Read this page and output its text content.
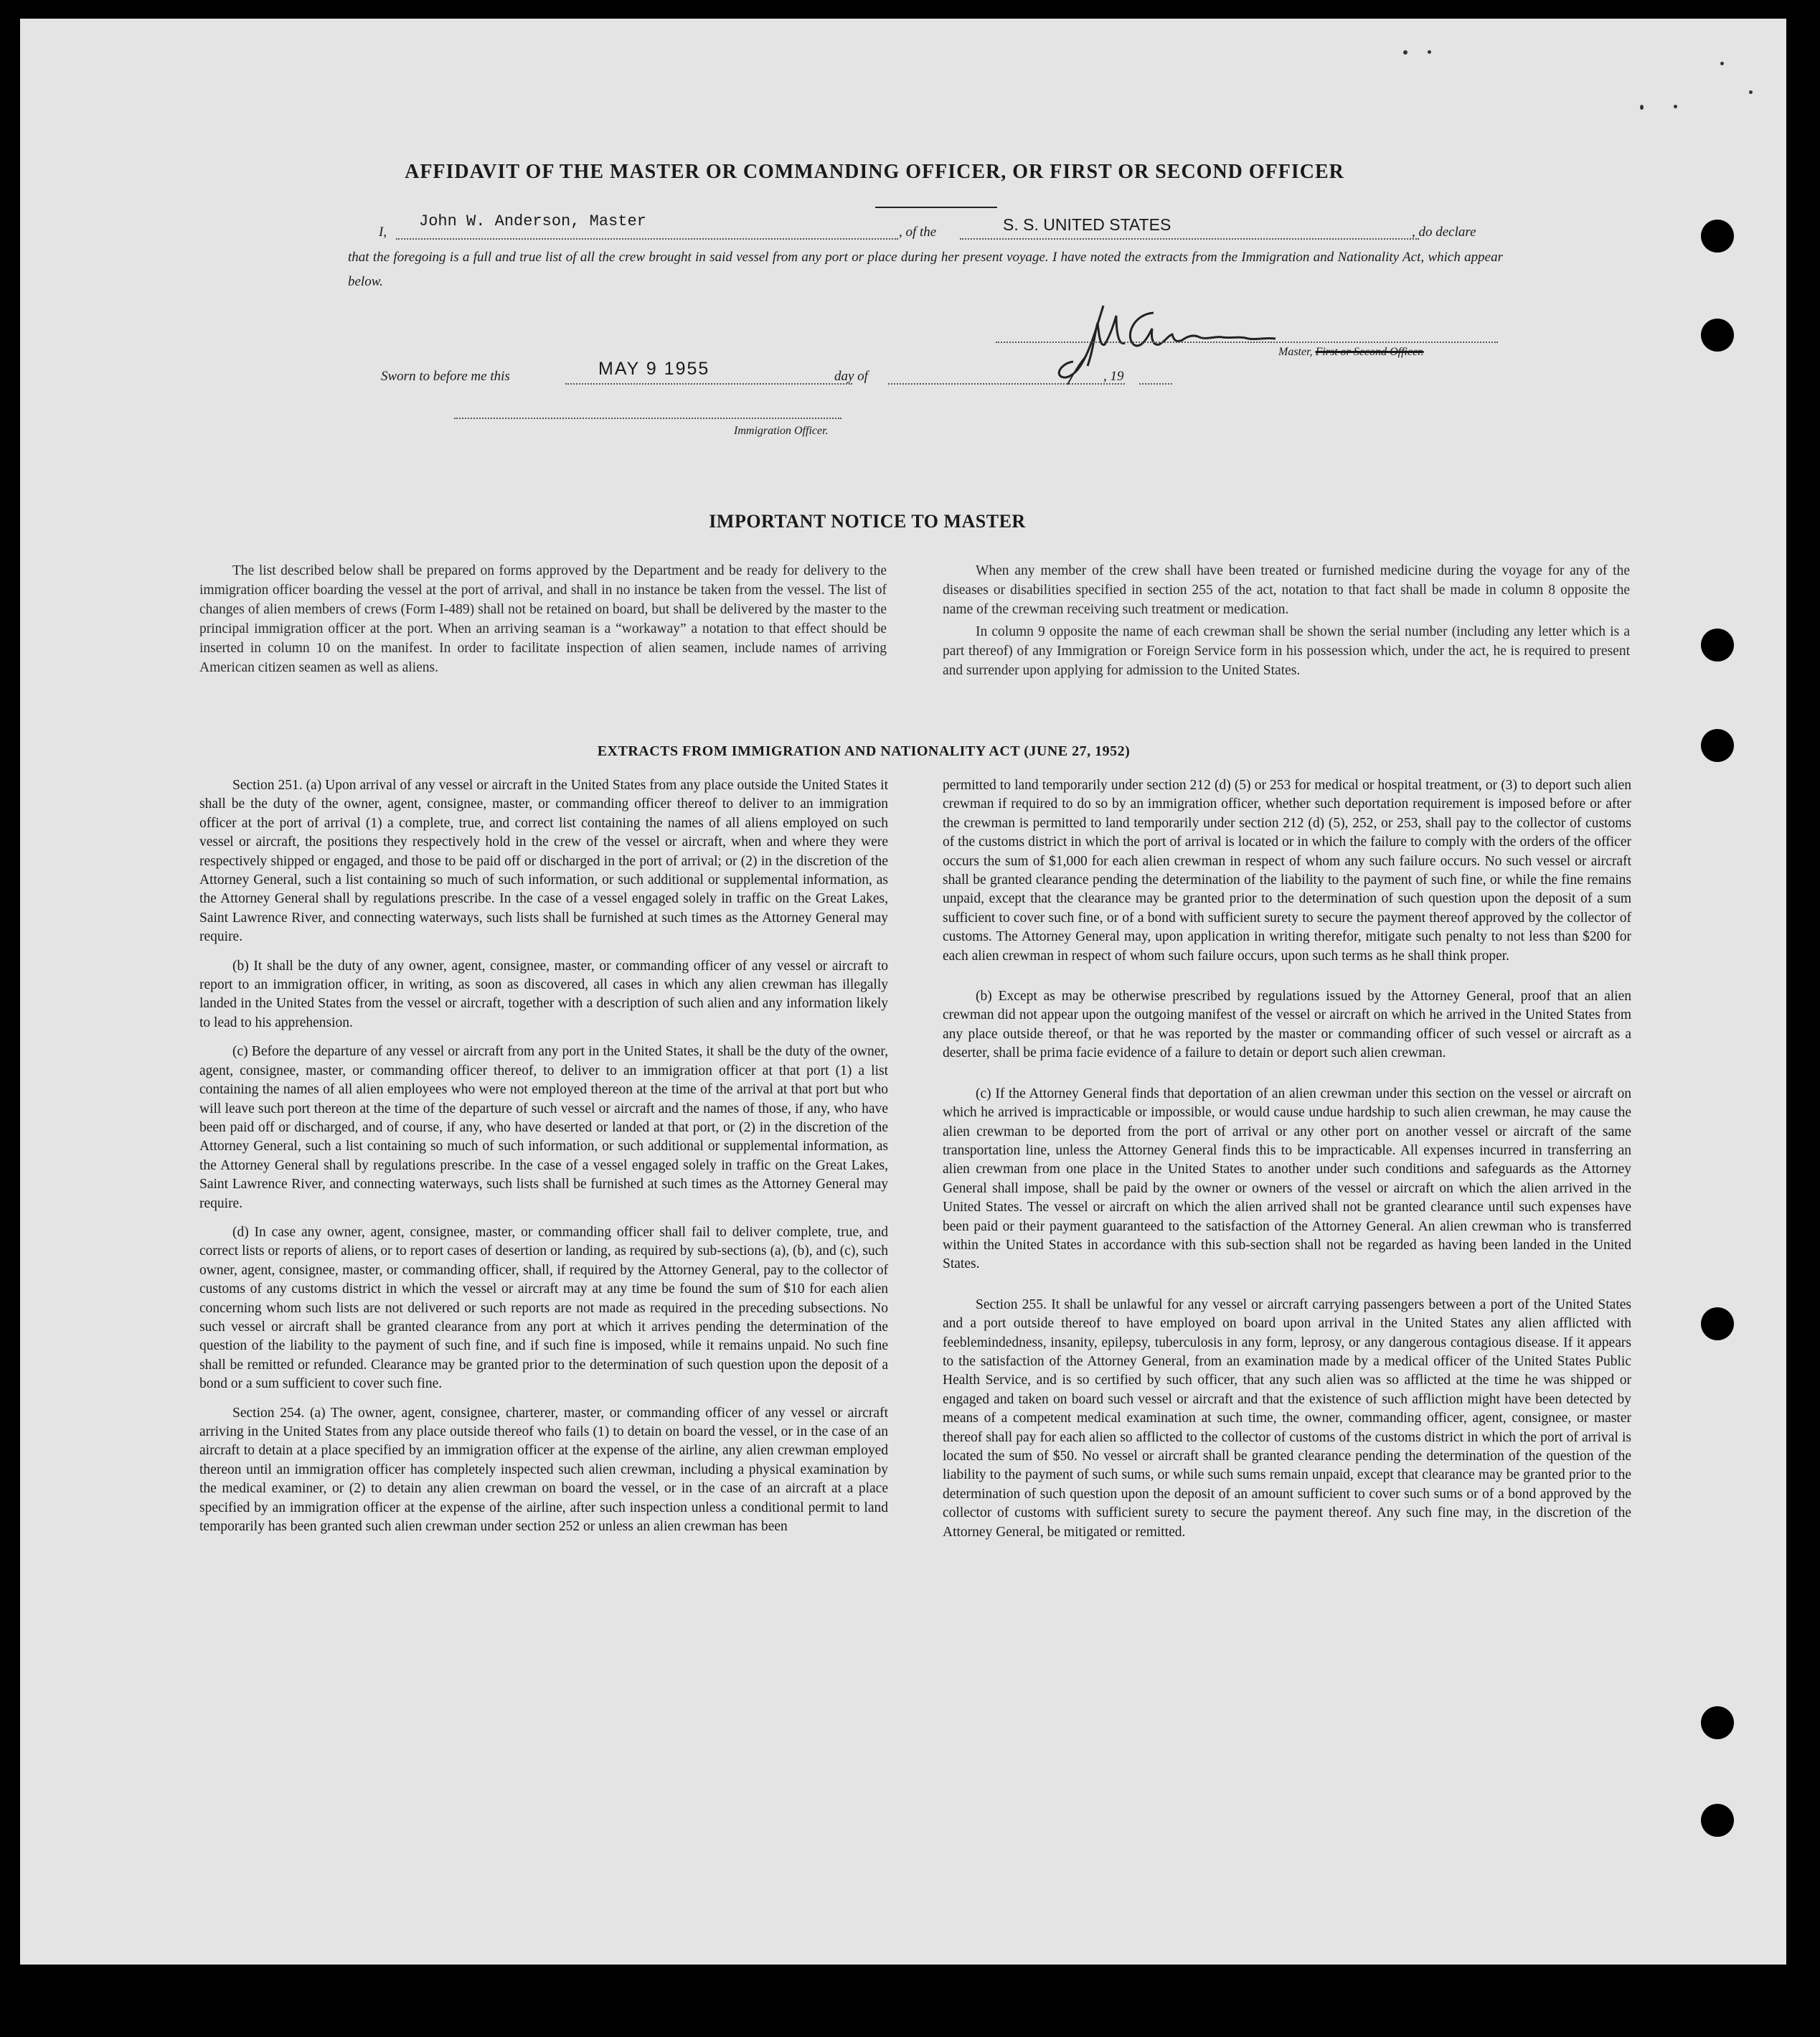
AFFIDAVIT OF THE MASTER OR COMMANDING OFFICER, OR FIRST OR SECOND OFFICER
I,
John W. Anderson, Master
, of the	S. S. UNITED STATES	, do declare
that the foregoing is a full and true list of all the crew brought in said vessel from any port or place during her present voyage. I have noted the extracts from the Immigration and Nationality Act, which appear below.
Master, First or Second Officer.
Sworn to before me this	MAY 9 1955	day of	, 19
Immigration Officer.
IMPORTANT NOTICE TO MASTER

The list described below shall be prepared on forms approved by the Department and be ready for delivery to the immigration officer boarding the vessel at the port of arrival, and shall in no instance be taken from the vessel. The list of changes of alien members of crews (Form I-489) shall not be retained on board, but shall be delivered by the master to the principal immigration officer at the port. When an arriving seaman is a “workaway” a notation to that effect should be inserted in column 10 on the manifest. In order to facilitate inspection of alien seamen, include names of arriving American citizen seamen as well as aliens.

When any member of the crew shall have been treated or furnished medicine during the voyage for any of the diseases or disabilities specified in section 255 of the act, notation to that fact shall be made in column 8 opposite the name of the crewman receiving such treatment or medication.

In column 9 opposite the name of each crewman shall be shown the serial number (including any letter which is a part thereof) of any Immigration or Foreign Service form in his possession which, under the act, he is required to present and surrender upon applying for admission to the United States.

EXTRACTS FROM IMMIGRATION AND NATIONALITY ACT (JUNE 27, 1952)

Section 251. (a) Upon arrival of any vessel or aircraft in the United States from any place outside the United States it shall be the duty of the owner, agent, consignee, master, or commanding officer thereof to deliver to an immigration officer at the port of arrival (1) a complete, true, and correct list containing the names of all aliens employed on such vessel or aircraft, the positions they respectively hold in the crew of the vessel or aircraft, when and where they were respectively shipped or engaged, and those to be paid off or discharged in the port of arrival; or (2) in the discretion of the Attorney General, such a list containing so much of such information, or such additional or supplemental information, as the Attorney General shall by regulations prescribe. In the case of a vessel engaged solely in traffic on the Great Lakes, Saint Lawrence River, and connecting waterways, such lists shall be furnished at such times as the Attorney General may require.

(b) It shall be the duty of any owner, agent, consignee, master, or commanding officer of any vessel or aircraft to report to an immigration officer, in writing, as soon as discovered, all cases in which any alien crewman has illegally landed in the United States from the vessel or aircraft, together with a description of such alien and any information likely to lead to his apprehension.

(c) Before the departure of any vessel or aircraft from any port in the United States, it shall be the duty of the owner, agent, consignee, master, or commanding officer thereof, to deliver to an immigration officer at that port (1) a list containing the names of all alien employees who were not employed thereon at the time of the arrival at that port but who will leave such port thereon at the time of the departure of such vessel or aircraft and the names of those, if any, who have been paid off or discharged, and of course, if any, who have deserted or landed at that port, or (2) in the discretion of the Attorney General, such a list containing so much of such information, or such additional or supplemental information, as the Attorney General shall by regulations prescribe. In the case of a vessel engaged solely in traffic on the Great Lakes, Saint Lawrence River, and connecting waterways, such lists shall be furnished at such times as the Attorney General may require.

(d) In case any owner, agent, consignee, master, or commanding officer shall fail to deliver complete, true, and correct lists or reports of aliens, or to report cases of desertion or landing, as required by sub-sections (a), (b), and (c), such owner, agent, consignee, master, or commanding officer, shall, if required by the Attorney General, pay to the collector of customs of any customs district in which the vessel or aircraft may at any time be found the sum of $10 for each alien concerning whom such lists are not delivered or such reports are not made as required in the preceding subsections. No such vessel or aircraft shall be granted clearance from any port at which it arrives pending the determination of the question of the liability to the payment of such fine, and if such fine is imposed, while it remains unpaid. No such fine shall be remitted or refunded. Clearance may be granted prior to the determination of such question upon the deposit of a bond or a sum sufficient to cover such fine.

Section 254. (a) The owner, agent, consignee, charterer, master, or commanding officer of any vessel or aircraft arriving in the United States from any place outside thereof who fails (1) to detain on board the vessel, or in the case of an aircraft to detain at a place specified by an immigration officer at the expense of the airline, any alien crewman employed thereon until an immigration officer has completely inspected such alien crewman, including a physical examination by the medical examiner, or (2) to detain any alien crewman on board the vessel, or in the case of an aircraft at a place specified by an immigration officer at the expense of the airline, after such inspection unless a conditional permit to land temporarily has been granted such alien crewman under section 252 or unless an alien crewman has been

permitted to land temporarily under section 212 (d) (5) or 253 for medical or hospital treatment, or (3) to deport such alien crewman if required to do so by an immigration officer, whether such deportation requirement is imposed before or after the crewman is permitted to land temporarily under section 212 (d) (5), 252, or 253, shall pay to the collector of customs of the customs district in which the port of arrival is located or in which the failure to comply with the orders of the officer occurs the sum of $1,000 for each alien crewman in respect of whom any such failure occurs. No such vessel or aircraft shall be granted clearance pending the determination of the liability to the payment of such fine, or while the fine remains unpaid, except that the clearance may be granted prior to the determination of such question upon the deposit of a sum sufficient to cover such fine, or of a bond with sufficient surety to secure the payment thereof approved by the collector of customs. The Attorney General may, upon application in writing therefor, mitigate such penalty to not less than $200 for each alien crewman in respect of whom such failure occurs, upon such terms as he shall think proper.

(b) Except as may be otherwise prescribed by regulations issued by the Attorney General, proof that an alien crewman did not appear upon the outgoing manifest of the vessel or aircraft on which he arrived in the United States from any place outside thereof, or that he was reported by the master or commanding officer of such vessel or aircraft as a deserter, shall be prima facie evidence of a failure to detain or deport such alien crewman.

(c) If the Attorney General finds that deportation of an alien crewman under this section on the vessel or aircraft on which he arrived is impracticable or impossible, or would cause undue hardship to such alien crewman, he may cause the alien crewman to be deported from the port of arrival or any other port on another vessel or aircraft of the same transportation line, unless the Attorney General finds this to be impracticable. All expenses incurred in transferring an alien crewman from one place in the United States to another under such conditions and safeguards as the Attorney General shall impose, shall be paid by the owner or owners of the vessel or aircraft on which the alien arrived in the United States. The vessel or aircraft on which the alien arrived shall not be granted clearance until such expenses have been paid or their payment guaranteed to the satisfaction of the Attorney General. An alien crewman who is transferred within the United States in accordance with this sub-section shall not be regarded as having been landed in the United States.

Section 255. It shall be unlawful for any vessel or aircraft carrying passengers between a port of the United States and a port outside thereof to have employed on board upon arrival in the United States any alien afflicted with feeblemindedness, insanity, epilepsy, tuberculosis in any form, leprosy, or any dangerous contagious disease. If it appears to the satisfaction of the Attorney General, from an examination made by a medical officer of the United States Public Health Service, and is so certified by such officer, that any such alien was so afflicted at the time he was shipped or engaged and taken on board such vessel or aircraft and that the existence of such affliction might have been detected by means of a competent medical examination at such time, the owner, commanding officer, agent, consignee, or master thereof shall pay for each alien so afflicted to the collector of customs of the customs district in which the port of arrival is located the sum of $50. No vessel or aircraft shall be granted clearance pending the determination of the question of the liability to the payment of such sums, or while such sums remain unpaid, except that clearance may be granted prior to the determination of such question upon the deposit of an amount sufficient to cover such sums or of a bond approved by the collector of customs with sufficient surety to secure the payment thereof. Any such fine may, in the discretion of the Attorney General, be mitigated or remitted.
